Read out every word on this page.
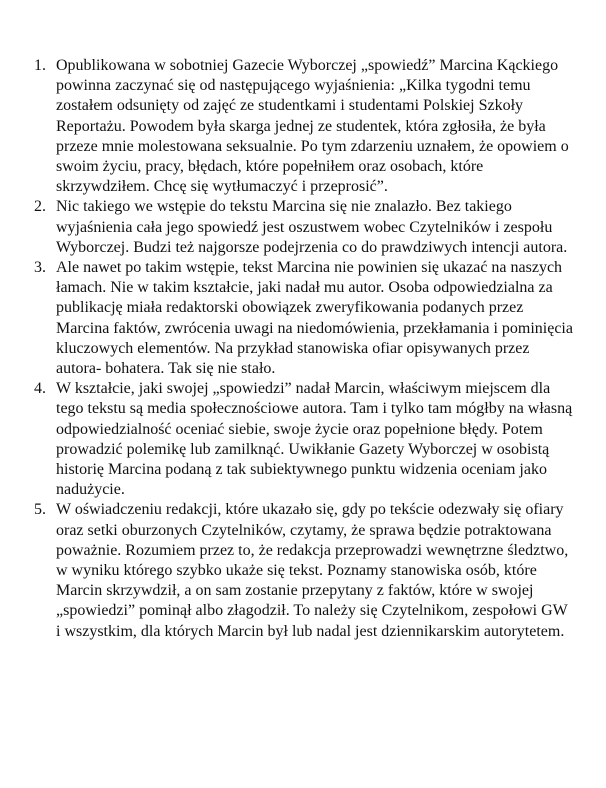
1. Opublikowana w sobotniej Gazecie Wyborczej „spowiedź” Marcina Kąckiego powinna zaczynać się od następującego wyjaśnienia: „Kilka tygodni temu zostałem odsunięty od zajęć ze studentkami i studentami Polskiej Szkoły Reportażu. Powodem była skarga jednej ze studentek, która zgłosiła, że była przeze mnie molestowana seksualnie. Po tym zdarzeniu uznałem, że opowiem o swoim życiu, pracy, błędach, które popełniłem oraz osobach, które skrzywdziłem. Chcę się wytłumaczyć i przeprosić”.
2. Nic takiego we wstępie do tekstu Marcina się nie znalazło. Bez takiego wyjaśnienia cała jego spowiedź jest oszustwem wobec Czytelników i zespołu Wyborczej. Budzi też najgorsze podejrzenia co do prawdziwych intencji autora.
3. Ale nawet po takim wstępie, tekst Marcina nie powinien się ukazać na naszych łamach. Nie w takim kształcie, jaki nadał mu autor. Osoba odpowiedzialna za publikację miała redaktorski obowiązek zweryfikowania podanych przez Marcina faktów, zwrócenia uwagi na niedomówienia, przekłamania i pominięcia kluczowych elementów. Na przykład stanowiska ofiar opisywanych przez autora- bohatera. Tak się nie stało.
4. W kształcie, jaki swojej „spowiedzi” nadał Marcin, właściwym miejscem dla tego tekstu są media społecznościowe autora. Tam i tylko tam mógłby na własną odpowiedzialność oceniać siebie, swoje życie oraz popełnione błędy. Potem prowadzić polemikę lub zamilknąć. Uwikłanie Gazety Wyborczej w osobistą historię Marcina podaną z tak subiektywnego punktu widzenia oceniam jako nadużycie.
5. W oświadczeniu redakcji, które ukazało się, gdy po tekście odezwały się ofiary oraz setki oburzonych Czytelników, czytamy, że sprawa będzie potraktowana poważnie. Rozumiem przez to, że redakcja przeprowadzi wewnętrzne śledztwo, w wyniku którego szybko ukaże się tekst. Poznamy stanowiska osób, które Marcin skrzywdził, a on sam zostanie przepytany z faktów, które w swojej „spowiedzi” pominął albo złagodził. To należy się Czytelnikom, zespołowi GW i wszystkim, dla których Marcin był lub nadal jest dziennikarskim autorytetem.
